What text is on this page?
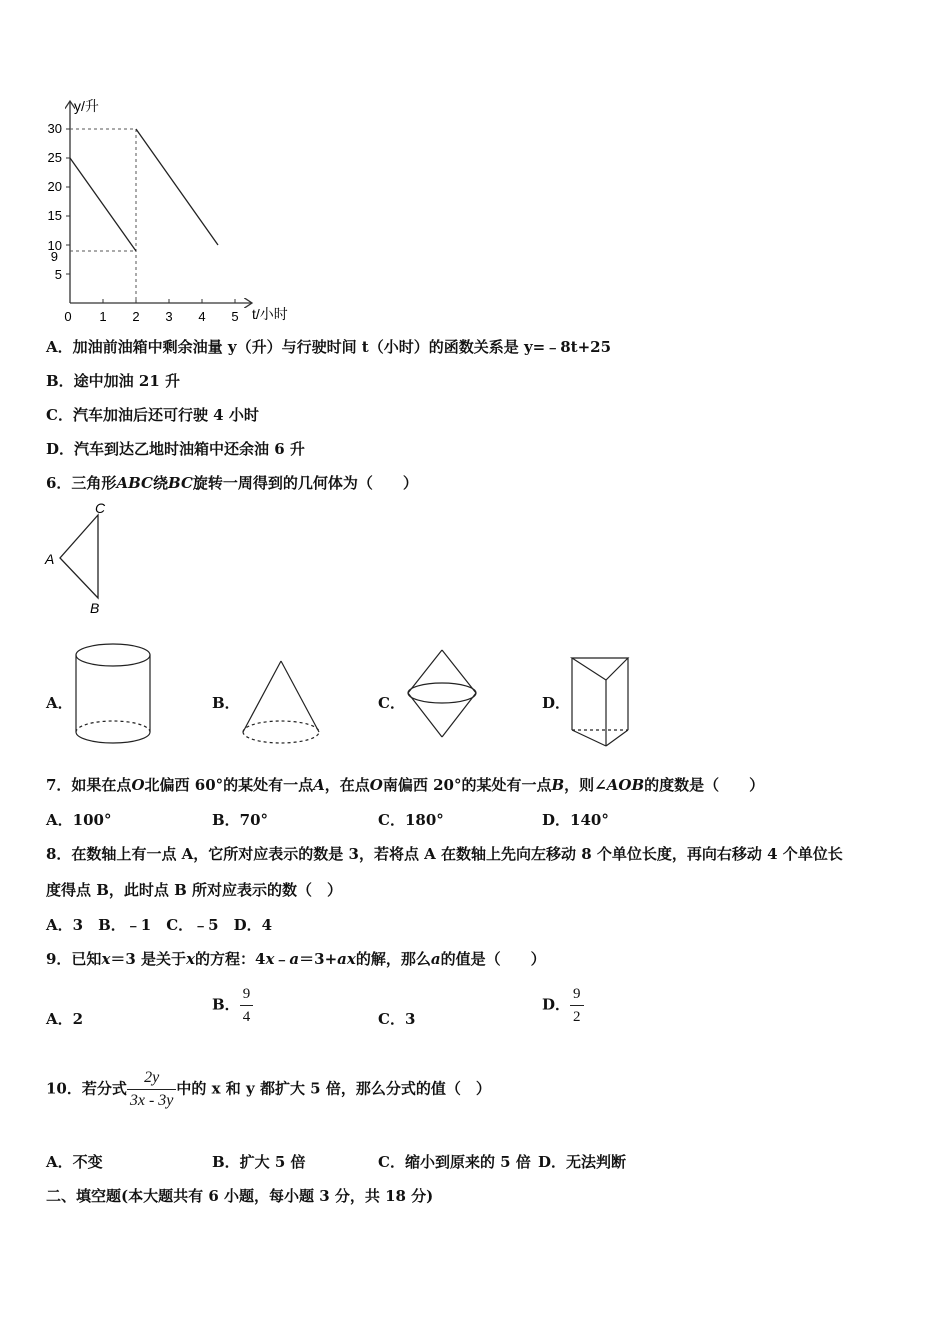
y/升
t/小时
30
25
20
15
10
9
5
0 1 2 3 4 5
A．加油前油箱中剩余油量 y（升）与行驶时间 t（小时）的函数关系是 y=﹣8t+25
B．途中加油 21 升
C．汽车加油后还可行驶 4 小时
D．汽车到达乙地时油箱中还余油 6 升
6．三角形ABC绕BC旋转一周得到的几何体为（　　）
C
A
B
A．	B．	C．	D．
7．如果在点O北偏西 60°的某处有一点A，在点O南偏西 20°的某处有一点B，则∠AOB的度数是（　　）
A．100°	B．70°	C．180°	D．140°
8．在数轴上有一点 A，它所对应表示的数是 3，若将点 A 在数轴上先向左移动 8 个单位长度，再向右移动 4 个单位长
度得点 B，此时点 B 所对应表示的数（　）
A．3　B．﹣1　C．﹣5　D．4
9．已知x＝3 是关于x的方程：4x﹣a＝3+ax的解，那么a的值是（　　）
A．2
B． $\frac{9}{4}$	C．3
D． $\frac{9}{2}$
10．若分式 $\frac{2y}{3x - 3y}$ 中的 x 和 y 都扩大 5 倍，那么分式的值（　）
A．不变	B．扩大 5 倍	C．缩小到原来的 5 倍 D．无法判断
二、填空题(本大题共有 6 小题，每小题 3 分，共 18 分)
